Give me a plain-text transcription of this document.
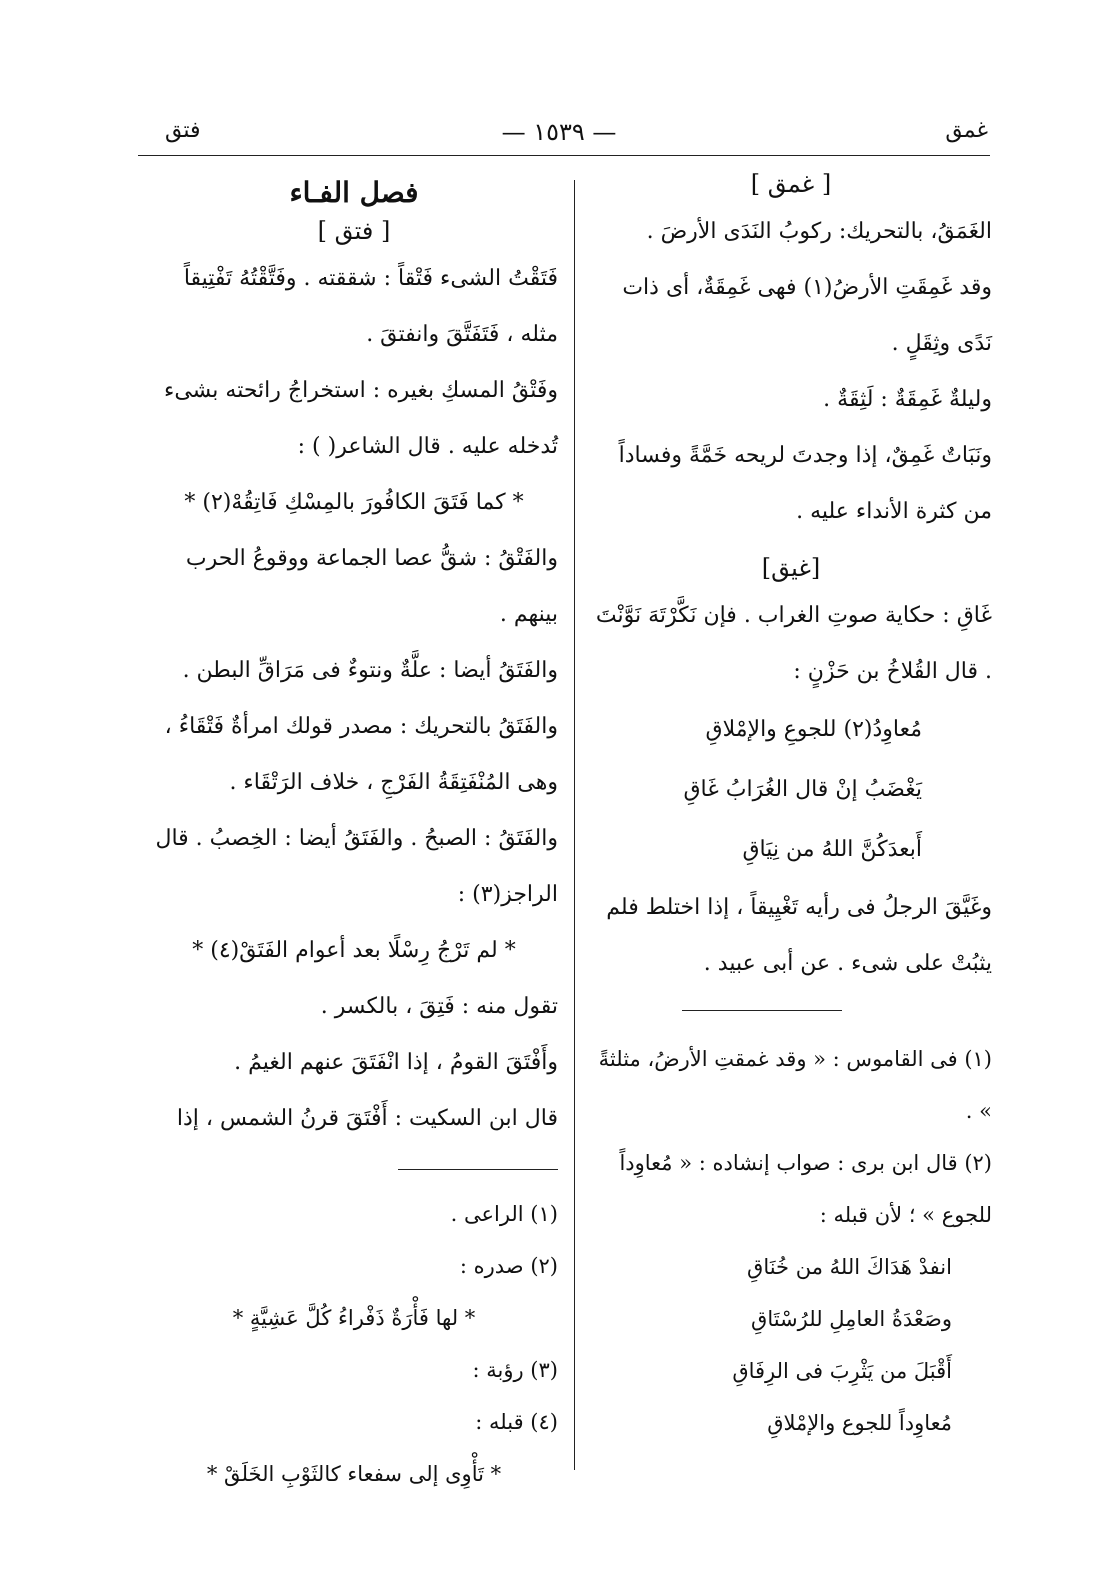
غمق
— ١٥٣٩ —
فتق
[ غمق ]

الغَمَقُ، بالتحريك: ركوبُ النَدَى الأرضَ .

وقد غَمِقَتِ الأرضُ(١) فهى غَمِقَةٌ، أى ذات نَدًى وثِقَلٍ .

وليلةٌ غَمِقَةٌ : لَثِقَةٌ .

ونَبَاتٌ غَمِقٌ، إذا وجدتَ لريحه خَمَّةً وفساداً من كثرة الأنداء عليه .

[غيق]

غَاقِ : حكاية صوتِ الغراب . فإن نَكَّرْتَهَ نَوَّنْتَ . قال القُلاخُ بن حَزْنٍ :

مُعاوِدُ(٢) للجوعِ والإمْلاقِ

يَغْضَبُ إنْ قال الغُرَابُ غَاقِ

أَبعدَكُنَّ اللهُ من نِيَاقِ

وغَيَّقَ الرجلُ فى رأيه تَغْيِيقاً ، إذا اختلط فلم يثبُتْ على شىء . عن أبى عبيد .

(١) فى القاموس : « وقد غمقتِ الأرضُ، مثلثةً » .

(٢) قال ابن برى : صواب إنشاده : « مُعاوِداً للجوع » ؛ لأن قبله :

انفدْ هَدَاكَ اللهُ من خُنَاقِ

وصَعْدَةُ العامِلِ للرُسْتَاقِ

أَقْبَلَ من يَثْرِبَ فى الرِفَاقِ

مُعاوِداً للجوع والإمْلاقِ

فصل الفـاء
[ فتق ]

فَتَقْتُ الشىء فَتْقاً : شققته . وفَتَّقْتُهُ تَفْتِيقاً مثله ، فَتَفَتَّقَ وانفتقَ .

وفَتْقُ المسكِ بغيره : استخراجُ رائحته بشىء تُدخله عليه . قال الشاعر( ) :

* كما فَتَقَ الكافُورَ بالمِسْكِ فَاتِقُهْ(٢) *

والفَتْقُ : شقُّ عصا الجماعة ووقوعُ الحرب بينهم .

والفَتَقُ أيضا : علَّةٌ ونتوءٌ فى مَرَاقِّ البطن .

والفَتَقُ بالتحريك : مصدر قولك امرأةٌ فَتْقَاءُ ، وهى المُنْفَتِقَةُ الفَرْجِ ، خلاف الرَتْقَاء .

والفَتَقُ : الصبحُ . والفَتَقُ أيضا : الخِصبُ . قال الراجز(٣) :

* لم تَرْجُ رِسْلًا بعد أعوام الفَتَقْ(٤) *

تقول منه : فَتِقَ ، بالكسر .

وأَفْتَقَ القومُ ، إذا انْفَتَقَ عنهم الغيمُ .

قال ابن السكيت : أَفْتَقَ قرنُ الشمس ، إذا

(١) الراعى .

(٢) صدره :

* لها فَأْرَةٌ ذَفْراءُ كُلَّ عَشِيَّةٍ *

(٣) رؤبة :

(٤) قبله :

* تَأْوِى إلى سفعاء كالثَوْبِ الخَلَقْ *
